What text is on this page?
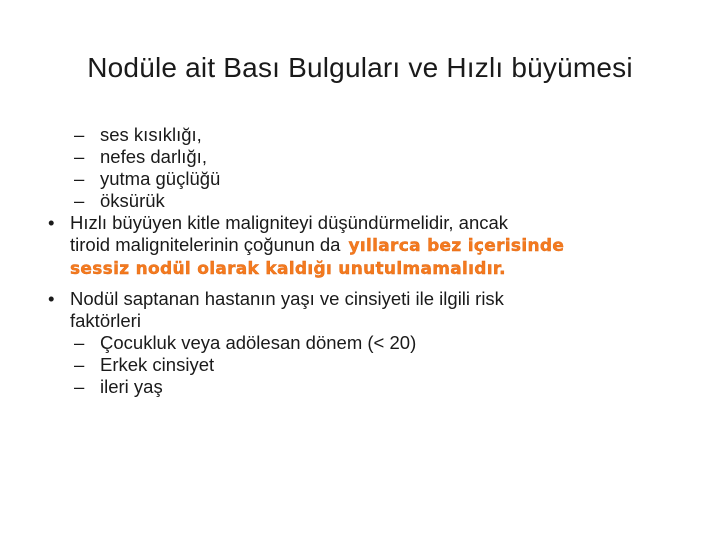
Nodüle ait Bası Bulguları ve Hızlı büyümesi
– ses kısıklığı,
– nefes darlığı,
– yutma güçlüğü
– öksürük
• Hızlı büyüyen kitle maligniteyi düşündürmelidir, ancak
tiroid malignitelerinin çoğunun da yıllarca bez içerisinde
sessiz nodül olarak kaldığı unutulmamalıdır.
• Nodül saptanan hastanın yaşı ve cinsiyeti ile ilgili risk
faktörleri
– Çocukluk veya adölesan dönem (< 20)
– Erkek cinsiyet
– ileri yaş
